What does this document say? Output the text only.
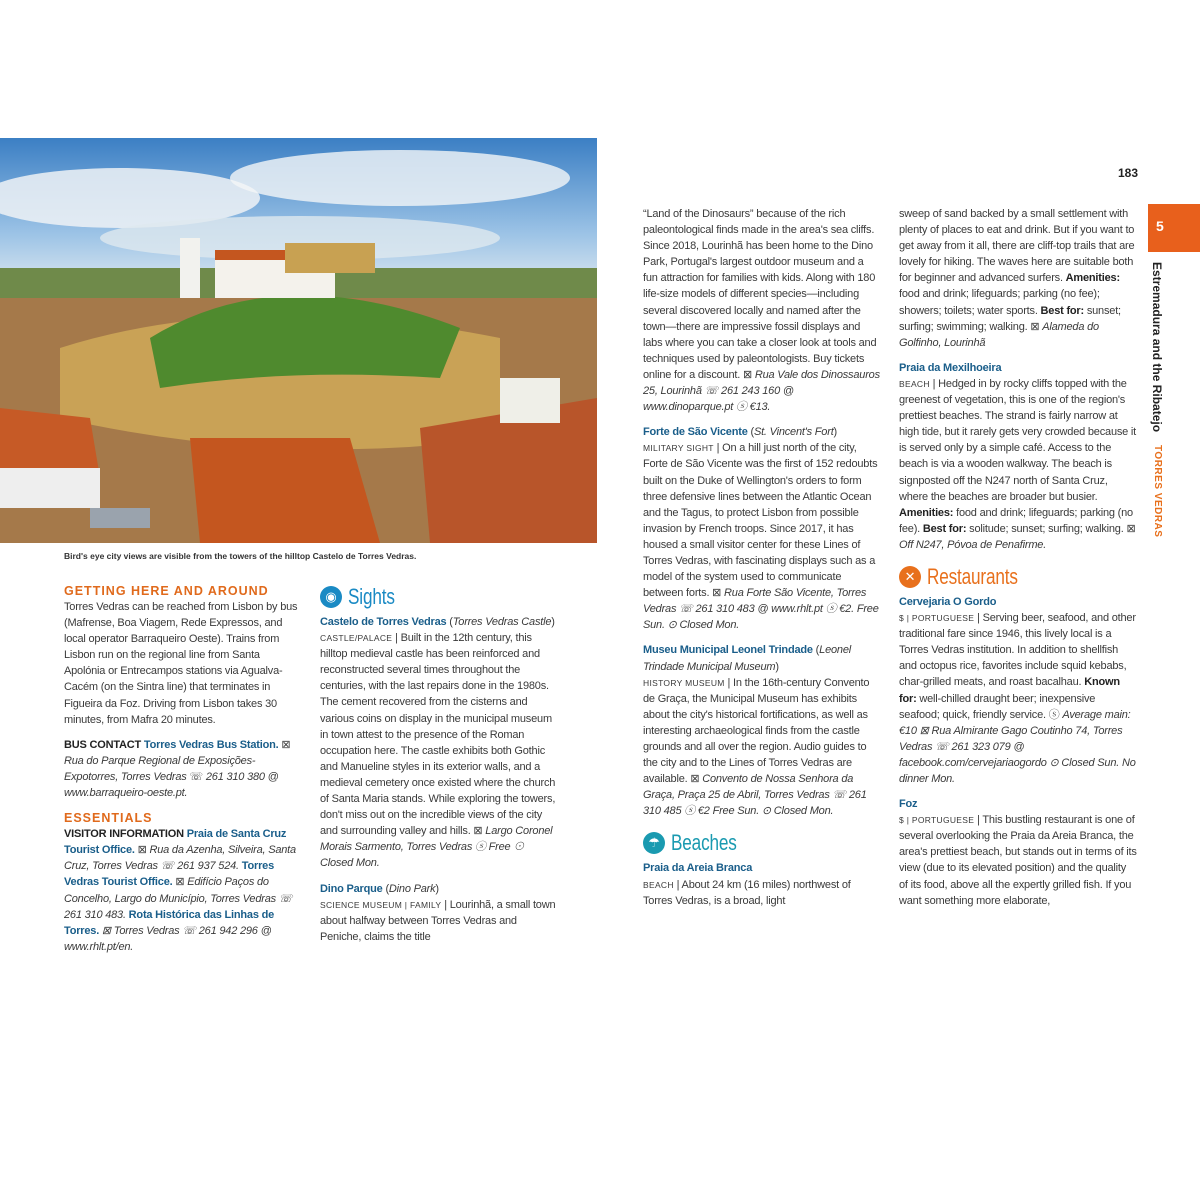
Bird's eye city views are visible from the towers of the hilltop Castelo de Torres Vedras.
183
5
Estremadura and the Ribatejo TORRES VEDRAS
GETTING HERE AND AROUND
Torres Vedras can be reached from Lisbon by bus (Mafrense, Boa Viagem, Rede Expressos, and local operator Barraqueiro Oeste). Trains from Lisbon run on the regional line from Santa Apolónia or Entrecampos stations via Agualva-Cacém (on the Sintra line) that terminates in Figueira da Foz. Driving from Lisbon takes 30 minutes, from Mafra 20 minutes.
BUS CONTACT Torres Vedras Bus Station. ⊠ Rua do Parque Regional de Exposições-Expotorres, Torres Vedras ☏ 261 310 380 @ www.barraqueiro-oeste.pt.
ESSENTIALS
VISITOR INFORMATION Praia de Santa Cruz Tourist Office. ⊠ Rua da Azenha, Silveira, Santa Cruz, Torres Vedras ☏ 261 937 524. Torres Vedras Tourist Office. ⊠ Edifício Paços do Concelho, Largo do Município, Torres Vedras ☏ 261 310 483. Rota Histórica das Linhas de Torres. ⊠ Torres Vedras ☏ 261 942 296 @ www.rhlt.pt/en.
◉ Sights
Castelo de Torres Vedras (Torres Vedras Castle)
CASTLE/PALACE | Built in the 12th century, this hilltop medieval castle has been reinforced and reconstructed several times throughout the centuries, with the last repairs done in the 1980s. The cement recovered from the cisterns and various coins on display in the municipal museum in town attest to the presence of the Roman occupation here. The castle exhibits both Gothic and Manueline styles in its exterior walls, and a medieval cemetery once existed where the church of Santa Maria stands. While exploring the towers, don't miss out on the incredible views of the city and surrounding valley and hills. ⊠ Largo Coronel Morais Sarmento, Torres Vedras ⓢ Free ⊙ Closed Mon.
Dino Parque (Dino Park)
SCIENCE MUSEUM | FAMILY | Lourinhã, a small town about halfway between Torres Vedras and Peniche, claims the title
“Land of the Dinosaurs” because of the rich paleontological finds made in the area's sea cliffs. Since 2018, Lourinhã has been home to the Dino Park, Portugal's largest outdoor museum and a fun attraction for families with kids. Along with 180 life-size models of different species—including several discovered locally and named after the town—there are impressive fossil displays and labs where you can take a closer look at tools and techniques used by paleontologists. Buy tickets online for a discount. ⊠ Rua Vale dos Dinossauros 25, Lourinhã ☏ 261 243 160 @ www.dinoparque.pt ⓢ €13.
Forte de São Vicente (St. Vincent's Fort)
MILITARY SIGHT | On a hill just north of the city, Forte de São Vicente was the first of 152 redoubts built on the Duke of Wellington's orders to form three defensive lines between the Atlantic Ocean and the Tagus, to protect Lisbon from possible invasion by French troops. Since 2017, it has housed a small visitor center for these Lines of Torres Vedras, with fascinating displays such as a model of the system used to communicate between forts. ⊠ Rua Forte São Vicente, Torres Vedras ☏ 261 310 483 @ www.rhlt.pt ⓢ €2. Free Sun. ⊙ Closed Mon.
Museu Municipal Leonel Trindade (Leonel Trindade Municipal Museum)
HISTORY MUSEUM | In the 16th-century Convento de Graça, the Municipal Museum has exhibits about the city's historical fortifications, as well as interesting archaeological finds from the castle grounds and all over the region. Audio guides to the city and to the Lines of Torres Vedras are available. ⊠ Convento de Nossa Senhora da Graça, Praça 25 de Abril, Torres Vedras ☏ 261 310 485 ⓢ €2 Free Sun. ⊙ Closed Mon.
☂ Beaches
Praia da Areia Branca
BEACH | About 24 km (16 miles) northwest of Torres Vedras, is a broad, light
sweep of sand backed by a small settlement with plenty of places to eat and drink. But if you want to get away from it all, there are cliff-top trails that are lovely for hiking. The waves here are suitable both for beginner and advanced surfers. Amenities: food and drink; lifeguards; parking (no fee); showers; toilets; water sports. Best for: sunset; surfing; swimming; walking. ⊠ Alameda do Golfinho, Lourinhã
Praia da Mexilhoeira
BEACH | Hedged in by rocky cliffs topped with the greenest of vegetation, this is one of the region's prettiest beaches. The strand is fairly narrow at high tide, but it rarely gets very crowded because it is served only by a simple café. Access to the beach is via a wooden walkway. The beach is signposted off the N247 north of Santa Cruz, where the beaches are broader but busier. Amenities: food and drink; lifeguards; parking (no fee). Best for: solitude; sunset; surfing; walking. ⊠ Off N247, Póvoa de Penafirme.
✕ Restaurants
Cervejaria O Gordo
$ | PORTUGUESE | Serving beer, seafood, and other traditional fare since 1946, this lively local is a Torres Vedras institution. In addition to shellfish and octopus rice, favorites include squid kebabs, char-grilled meats, and roast bacalhau. Known for: well-chilled draught beer; inexpensive seafood; quick, friendly service. ⓢ Average main: €10 ⊠ Rua Almirante Gago Coutinho 74, Torres Vedras ☏ 261 323 079 @ facebook.com/cervejariaogordo ⊙ Closed Sun. No dinner Mon.
Foz
$ | PORTUGUESE | This bustling restaurant is one of several overlooking the Praia da Areia Branca, the area's prettiest beach, but stands out in terms of its view (due to its elevated position) and the quality of its food, above all the expertly grilled fish. If you want something more elaborate,
